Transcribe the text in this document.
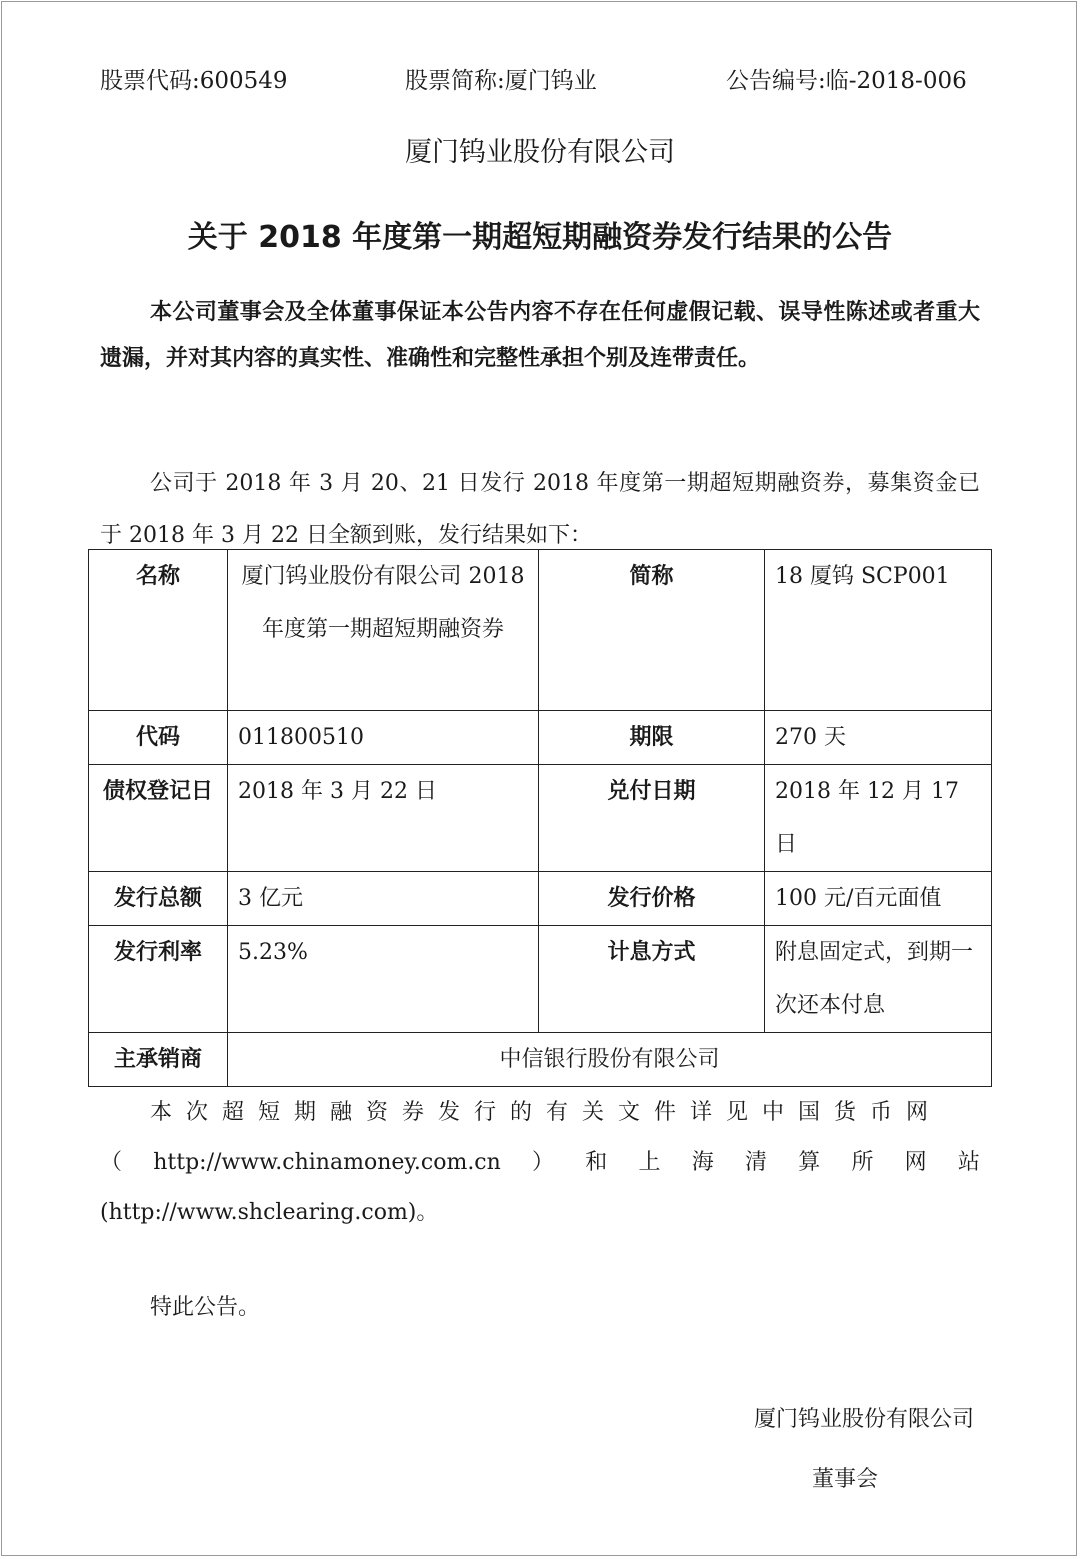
股票代码:600549	股票简称:厦门钨业	公告编号:临-2018-006
厦门钨业股份有限公司
关于 2018 年度第一期超短期融资券发行结果的公告
本公司董事会及全体董事保证本公告内容不存在任何虚假记载、误导性陈述或者重大遗漏，并对其内容的真实性、准确性和完整性承担个别及连带责任。
公司于 2018 年 3 月 20、21 日发行 2018 年度第一期超短期融资券，募集资金已于 2018 年 3 月 22 日全额到账，发行结果如下：
名称	厦门钨业股份有限公司 2018 年度第一期超短期融资券	简称	18 厦钨 SCP001
代码	011800510	期限	270 天
债权登记日	2018 年 3 月 22 日	兑付日期	2018 年 12 月 17 日
发行总额	3 亿元	发行价格	100 元/百元面值
发行利率	5.23%	计息方式	附息固定式，到期一次还本付息
主承销商	中信银行股份有限公司		
本次超短期融资券发行的有关文件详见中国货币网
（ http://www.chinamoney.com.cn ） 和 上 海 清 算 所 网 站
(http://www.shclearing.com)。
特此公告。
厦门钨业股份有限公司
董事会
